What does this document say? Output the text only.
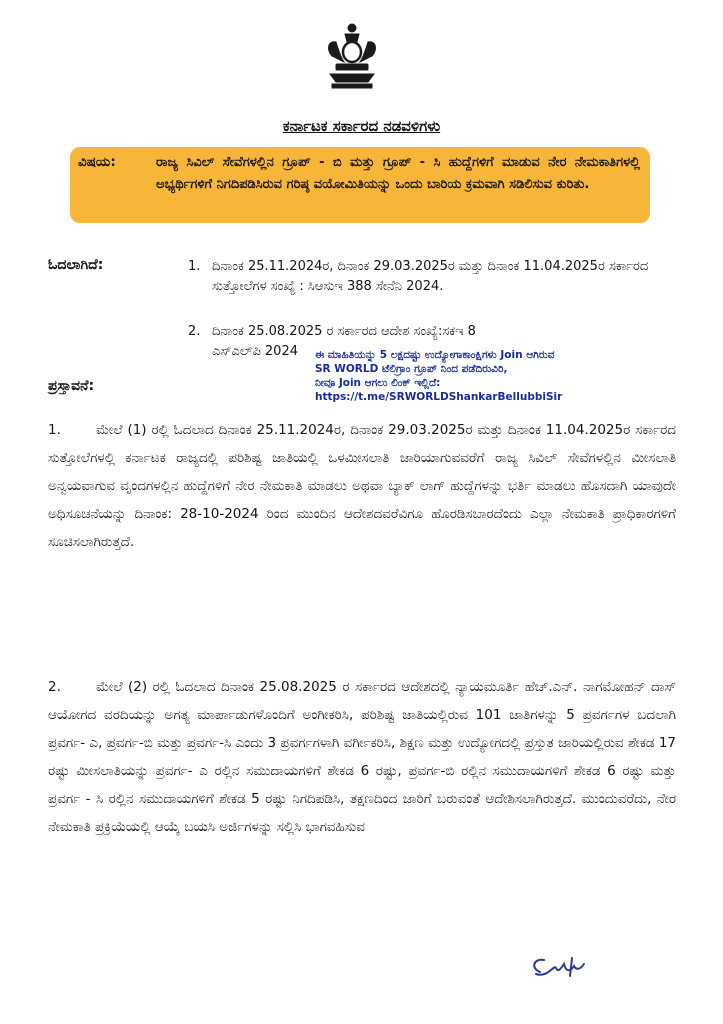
ಕರ್ನಾಟಕ ಸರ್ಕಾರದ ನಡವಳಿಗಳು
ವಿಷಯ:	ರಾಜ್ಯ ಸಿವಿಲ್ ಸೇವೆಗಳಲ್ಲಿನ ಗ್ರೂಪ್ - ಬಿ ಮತ್ತು ಗ್ರೂಪ್ - ಸಿ ಹುದ್ದೆಗಳಿಗೆ ಮಾಡುವ ನೇರ ನೇಮಕಾತಿಗಳಲ್ಲಿ ಅಭ್ಯರ್ಥಿಗಳಿಗೆ ನಿಗದಿಪಡಿಸಿರುವ ಗರಿಷ್ಠ ವಯೋಮಿತಿಯನ್ನು ಒಂದು ಬಾರಿಯ ಕ್ರಮವಾಗಿ ಸಡಿಲಿಸುವ ಕುರಿತು.
ಓದಲಾಗಿದೆ:	1. ದಿನಾಂಕ 25.11.2024ರ, ದಿನಾಂಕ 29.03.2025ರ ಮತ್ತು ದಿನಾಂಕ 11.04.2025ರ ಸರ್ಕಾರದ ಸುತ್ತೋಲೆಗಳ ಸಂಖ್ಯೆ : ಸಿಆಸುಇ 388 ಸೇನೆನಿ 2024.
2. ದಿನಾಂಕ 25.08.2025 ರ ಸರ್ಕಾರದ ಆದೇಶ ಸಂಖ್ಯೆ:ಸಕಇ 8 ಎಸ್‌ಎಲ್‌ಪಿ 2024	ಈ ಮಾಹಿತಿಯನ್ನು 5 ಲಕ್ಷದಷ್ಟು ಉದ್ಯೋಗಾಕಾಂಕ್ಷಿಗಳು Join ಆಗಿರುವ
SR WORLD ಟೆಲಿಗ್ರಾಂ ಗ್ರೂಪ್ ನಿಂದ ಪಡೆದಿರುವಿರಿ,
ನೀವೂ Join ಆಗಲು ಲಿಂಕ್ ಇಲ್ಲಿದೆ:
https://t.me/SRWORLDShankarBellubbiSir
ಪ್ರಸ್ತಾವನೆ:
1.	ಮೇಲೆ (1) ರಲ್ಲಿ ಓದಲಾದ ದಿನಾಂಕ 25.11.2024ರ, ದಿನಾಂಕ 29.03.2025ರ ಮತ್ತು ದಿನಾಂಕ 11.04.2025ರ ಸರ್ಕಾರದ ಸುತ್ತೋಲೆಗಳಲ್ಲಿ ಕರ್ನಾಟಕ ರಾಜ್ಯದಲ್ಲಿ ಪರಿಶಿಷ್ಟ ಜಾತಿಯಲ್ಲಿ ಒಳಮೀಸಲಾತಿ ಜಾರಿಯಾಗುವವರೆಗೆ ರಾಜ್ಯ ಸಿವಿಲ್ ಸೇವೆಗಳಲ್ಲಿನ ಮೀಸಲಾತಿ ಅನ್ವಯವಾಗುವ ವೃಂದಗಳಲ್ಲಿನ ಹುದ್ದೆಗಳಿಗೆ ನೇರ ನೇಮಕಾತಿ ಮಾಡಲು ಅಥವಾ ಬ್ಯಾಕ್ ಲಾಗ್ ಹುದ್ದೆಗಳನ್ನು ಭರ್ತಿ ಮಾಡಲು ಹೊಸದಾಗಿ ಯಾವುದೇ ಅಧಿಸೂಚನೆಯನ್ನು ದಿನಾಂಕ: 28-10-2024 ರಿಂದ ಮುಂದಿನ ಆದೇಶದವರೆವಿಗೂ ಹೊರಡಿಸಬಾರದೆಂದು ಎಲ್ಲಾ ನೇಮಕಾತಿ ಪ್ರಾಧಿಕಾರಗಳಿಗೆ ಸೂಚಿಸಲಾಗಿರುತ್ತದೆ.
2.	ಮೇಲೆ (2) ರಲ್ಲಿ ಓದಲಾದ ದಿನಾಂಕ 25.08.2025 ರ ಸರ್ಕಾರದ ಆದೇಶದಲ್ಲಿ ನ್ಯಾಯಮೂರ್ತಿ ಹೆಚ್.ಎನ್. ನಾಗಮೋಹನ್ ದಾಸ್ ಆಯೋಗದ ವರದಿಯನ್ನು ಅಗತ್ಯ ಮಾರ್ಪಾಡುಗಳೊಂದಿಗೆ ಅಂಗೀಕರಿಸಿ, ಪರಿಶಿಷ್ಟ ಜಾತಿಯಲ್ಲಿರುವ 101 ಜಾತಿಗಳನ್ನು 5 ಪ್ರವರ್ಗಗಳ ಬದಲಾಗಿ ಪ್ರವರ್ಗ- ಎ, ಪ್ರವರ್ಗ-ಬಿ ಮತ್ತು ಪ್ರವರ್ಗ-ಸಿ ಎಂದು 3 ಪ್ರವರ್ಗಗಳಾಗಿ ವರ್ಗೀಕರಿಸಿ, ಶಿಕ್ಷಣ ಮತ್ತು ಉದ್ಯೋಗದಲ್ಲಿ ಪ್ರಸ್ತುತ ಜಾರಿಯಲ್ಲಿರುವ ಶೇಕಡ 17 ರಷ್ಟು ಮೀಸಲಾತಿಯನ್ನು ಪ್ರವರ್ಗ- ಎ ರಲ್ಲಿನ ಸಮುದಾಯಗಳಿಗೆ ಶೇಕಡ 6 ರಷ್ಟು, ಪ್ರವರ್ಗ-ಬಿ ರಲ್ಲಿನ ಸಮುದಾಯಗಳಿಗೆ ಶೇಕಡ 6 ರಷ್ಟು ಮತ್ತು ಪ್ರವರ್ಗ - ಸಿ ರಲ್ಲಿನ ಸಮುದಾಯಗಳಿಗೆ ಶೇಕಡ 5 ರಷ್ಟು ನಿಗದಿಪಡಿಸಿ, ತಕ್ಷಣದಿಂದ ಜಾರಿಗೆ ಬರುವಂತೆ ಆದೇಶಿಸಲಾಗಿರುತ್ತದೆ. ಮುಂದುವರೆದು, ನೇರ ನೇಮಕಾತಿ ಪ್ರಕ್ರಿಯೆಯಲ್ಲಿ ಆಯ್ಕೆ ಬಯಸಿ ಅರ್ಜಿಗಳನ್ನು ಸಲ್ಲಿಸಿ ಭಾಗವಹಿಸುವ
